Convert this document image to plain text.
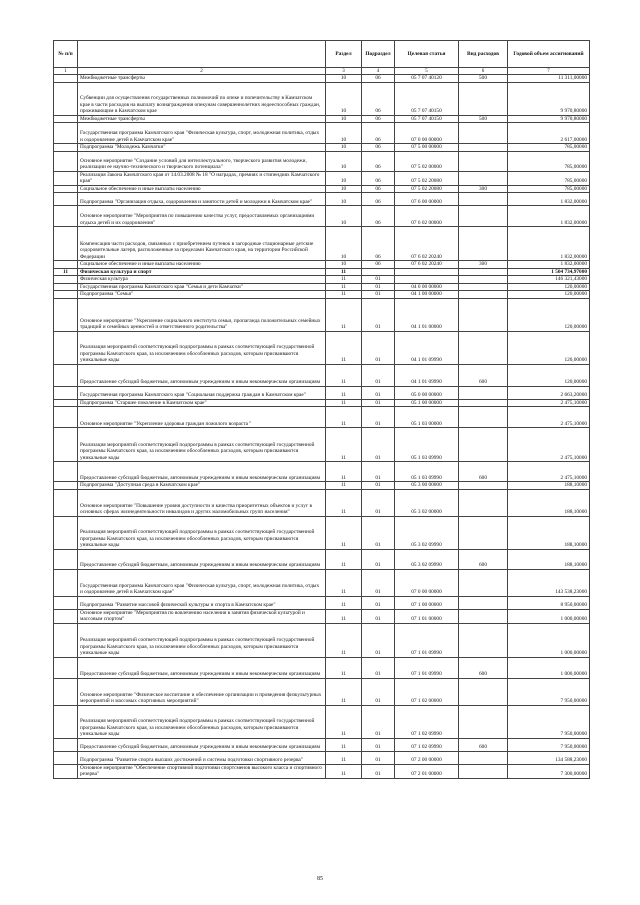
№ п/п		Раздел	Подраздел	Целевая статья	Вид расходов	Годовой объем ассигнований
1	2	3	4	5	6	7
	Межбюджетные трансферты	10	06	05 7 07 40120	500	11 311,00000
	Субвенции для осуществления государственных полномочий по опеке и попечительству в Камчатском крае в части расходов на выплату вознаграждения опекунам совершеннолетних недееспособных граждан, проживающим в Камчатском крае	10	06	05 7 07 40150		9 970,80000
	Межбюджетные трансферты	10	06	05 7 07 40150	500	9 970,80000
	Государственная программа Камчатского края "Физическая культура, спорт, молодежная политика, отдых и оздоровление детей в Камчатском крае"	10	06	07 0 00 00000		2 617,00000
	Подпрограмма "Молодежь Камчатки"	10	06	07 5 00 00000		785,00000
	Основное мероприятие "Создание условий для интеллектуального, творческого развития молодежи, реализации ее научно-технического и творческого потенциала"	10	06	07 5 02 00000		785,00000
	Реализация Закона Камчатского края от 14.03.2008 № 18 "О наградах, премиях и стипендиях Камчатского края"	10	06	07 5 02 20080		785,00000
	Социальное обеспечение и иные выплаты населению	10	06	07 5 02 20080	300	785,00000
	Подпрограмма "Организация отдыха, оздоровления и занятости детей и молодежи в Камчатском крае"	10	06	07 6 00 00000		1 832,00000
	Основное мероприятие "Мероприятия по повышению качества услуг, предоставляемых организациями отдыха детей и их оздоровления"	10	06	07 6 02 00000		1 832,00000
	Компенсация части расходов, связанных с приобретением путевок в загородные стационарные детские оздоровительные лагеря, расположенные за пределами Камчатского края, на территории Российской Федерации	10	06	07 6 02 20240		1 832,00000
	Социальное обеспечение и иные выплаты населению	10	06	07 6 02 20240	300	1 832,00000
11	Физическая культура и спорт	11				1 504 734,97000
	Физическая культура	11	01			146 321,43000
	Государственная программа Камчатского края "Семья и дети Камчатки"	11	01	04 0 00 00000		120,00000
	Подпрограмма "Семья"	11	01	04 1 00 00000		120,00000
	Основное мероприятие "Укрепление социального института семьи, пропаганда положительных семейных традиций и семейных ценностей и ответственного родительства"	11	01	04 1 01 00000		120,00000
	Реализация мероприятий соответствующей подпрограммы в рамках соответствующей государственной программы Камчатского края, за исключением обособленных расходов, которым присваиваются уникальные коды	11	01	04 1 01 09990		120,00000
	Предоставление субсидий бюджетным, автономным учреждениям и иным некоммерческим организациям	11	01	04 1 01 09990	600	120,00000
	Государственная программа Камчатского края "Социальная поддержка граждан в Камчатском крае"	11	01	05 0 00 00000		2 663,20000
	Подпрограмма "Старшее поколение в Камчатском крае"	11	01	05 1 00 00000		2 475,10000
	Основное мероприятие "Укрепление здоровья граждан пожилого возраста "	11	01	05 1 03 00000		2 475,10000
	Реализация мероприятий соответствующей подпрограммы в рамках соответствующей государственной программы Камчатского края, за исключением обособленных расходов, которым присваиваются уникальные коды	11	01	05 1 03 09990		2 475,10000
	Предоставление субсидий бюджетным, автономным учреждениям и иным некоммерческим организациям	11	01	05 1 03 09990	600	2 475,10000
	Подпрограмма "Доступная среда в Камчатском крае"	11	01	05 3 00 00000		188,10000
	Основное мероприятие "Повышение уровня доступности и качества приоритетных объектов и услуг в основных сферах жизнедеятельности инвалидов и других маломобильных групп населения"	11	01	05 3 02 00000		188,10000
	Реализация мероприятий соответствующей подпрограммы в рамках соответствующей государственной программы Камчатского края, за исключением обособленных расходов, которым присваиваются уникальные коды	11	01	05 3 02 09990		188,10000
	Предоставление субсидий бюджетным, автономным учреждениям и иным некоммерческим организациям	11	01	05 3 02 09990	600	188,10000
	Государственная программа Камчатского края "Физическая культура, спорт, молодежная политика, отдых и оздоровление детей в Камчатском крае"	11	01	07 0 00 00000		143 538,23000
	Подпрограмма "Развитие массовой физической культуры и спорта в Камчатском крае"	11	01	07 1 00 00000		8 950,00000
	Основное мероприятие "Мероприятия по вовлечению населения в занятия физической культурой и массовым спортом"	11	01	07 1 01 00000		1 000,00000
	Реализация мероприятий соответствующей подпрограммы в рамках соответствующей государственной программы Камчатского края, за исключением обособленных расходов, которым присваиваются уникальные коды	11	01	07 1 01 09990		1 000,00000
	Предоставление субсидий бюджетным, автономным учреждениям и иным некоммерческим организациям	11	01	07 1 01 09990	600	1 000,00000
	Основное мероприятие "Физическое воспитание и обеспечение организации и проведения физкультурных мероприятий и массовых спортивных мероприятий"	11	01	07 1 02 00000		7 950,00000
	Реализация мероприятий соответствующей подпрограммы в рамках соответствующей государственной программы Камчатского края, за исключением обособленных расходов, которым присваиваются уникальные коды	11	01	07 1 02 09990		7 950,00000
	Предоставление субсидий бюджетным, автономным учреждениям и иным некоммерческим организациям	11	01	07 1 02 09990	600	7 950,00000
	Подпрограмма "Развитие спорта высших достижений и системы подготовки спортивного резерва"	11	01	07 2 00 00000		134 588,23000
	Основное мероприятие "Обеспечение спортивной подготовки спортсменов высокого класса и спортивного резерва"	11	01	07 2 01 00000		7 300,00000
85
